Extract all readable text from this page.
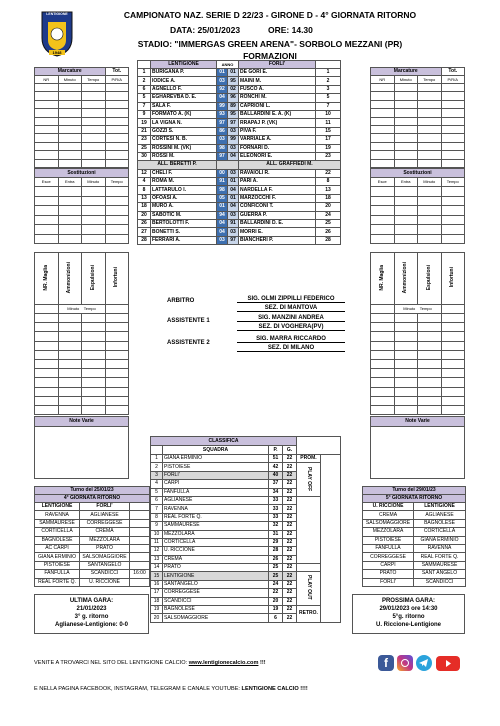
LENTIGIONE
1948
CAMPIONATO NAZ. SERIE D 22/23 - GIRONE D - 4° GIORNATA RITORNO
DATA: 25/01/2023	ORE: 14.30
STADIO: "IMMERGAS GREEN ARENA"- SORBOLO MEZZANI (PR)
FORMAZIONI
	LENTIGIONE	ANNO		FORLI'	
1	BURIGANA P.	01	01	DE GORI E.	1
2	IODICE A.	03	95	MAINI M.	2
6	AGNELLO F.	92	02	FUSCO A.	3
5	EGHAREVBA D. E.	04	96	RONCHI M.	5
7	SALA F.	99	89	CAPRIONI L.	7
9	FORMATO A. (K)	93	95	BALLARDINI E. A. (K)	10
19	LA VIGNA N.	97	97	RRAPAJ P. (VK)	11
21	GOZZI S.	86	03	PIVA F.	15
23	CORTESI N. B.	03	99	VARRIALE A.	17
25	ROSSINI M. (VK)	98	03	FORNARI D.	19
30	ROSSI M.	97	04	ELEONORI E.	23
ALL. BERETTI P.				ALL. GRAFFIEDI M.	
12	CHELI F.	00	03	RAVAIOLI R.	22
4	ROMA M.	91	01	PARI A.	8
8	LATTARULO I.	98	04	NARDELLA F.	13
13	OFOASI A.	05	01	MARZOCCHI F.	18
18	MURO A.	01	04	CONFICONI T.	20
20	SABOTIC M.	94	03	GUERRA P.	24
26	BERTOLOTTI F.	04	91	BALLARDINI D. E.	25
27	BONETTI S.	04	03	MORRI E.	26
28	FERRARI A.	03	97	BIANCHERI P.	28
Marcature			Tot.
NR	Minuto	Tempo	P/R/A

Sostituzioni			
Esce	Entra	Minuto	Tempo

NR. Maglia	Ammonizioni	Espulsioni	Infortuni
	Minuto Tempo		

Note Varie

Marcature			Tot.
NR	Minuto	Tempo	P/R/A

Sostituzioni			
Esce	Entra	Minuto	Tempo

NR. Maglia	Ammonizioni	Espulsioni	Infortuni
	Minuto Tempo		

Note Varie

ARBITRO	SIG. OLMI ZIPPILLI FEDERICO
SEZ. DI MANTOVA
ASSISTENTE 1	SIG. MANZINI ANDREA
SEZ. DI VOGHERA(PV)
ASSISTENTE 2
SIG. MARRA RICCARDO
SEZ. DI MILANO
CLASSIFICA					
	SQUADRA	P.	G.		
1	GIANA ERMINIO	51	22	PROM.	
2	PISTOIESE	42	22	PLAY OFF	
3	FORLI'	40	22		
4	CARPI	37	22		
5	FANFULLA	34	22		
6	AGLIANESE	33	22		
7	RAVENNA	33	22		
8	REAL FORTE Q.	33	22		
9	SAMMAURESE	32	22		
10	MEZZOLARA	31	22		
11	CORTICELLA	29	22		
12	U. RICCIONE	28	22		
13	CREMA	26	22		
14	PRATO	25	22		
15	LENTIGIONE	25	22	PLAY OUT	
16	SANTANGELO	24	22		
17	CORREGGESE	22	22		
18	SCANDICCI	20	22		
19	BAGNOLESE	19	22	RETRO.	
20	SALSOMAGGIORE	6	22		
Turno del 25/01/23		
4° GIORNATA RITORNO		
LENTIGIONE	FORLI'	
RAVENNA	AGLIANESE	
SAMMAURESE	CORREGGESE	
CORTICELLA	CREMA	
BAGNOLESE	MEZZOLARA	
AC CARPI	PRATO	
GIANA ERMINIO	SALSOMAGGIORE	
PISTOIESE	SANTANGELO	
FANFULLA	SCANDICCI	16:00
REAL FORTE Q.	U. RICCIONE	
Turno del 29/01/23	
5° GIORNATA RITORNO	
U. RICCIONE	LENTIGIONE
CREMA	AGLIANESE
SALSOMAGGIORE	BAGNOLESE
MEZZOLARA	CORTICELLA
PISTOIESE	GIANA ERMINIO
FANFULLA	RAVENNA
CORREGGESE	REAL FORTE Q.
CARPI	SAMMAURESE
PRATO	SANT ANGELO
FORLI'	SCANDICCI
ULTIMA GARA:
21/01/2023
3° g. ritorno
Aglianese-Lentigione: 0-0
PROSSIMA GARA:
29/01/2023 ore 14:30
5°g. ritorno
U. Riccione-Lentigione
VENITE A TROVARCI NEL SITO DEL LENTIGIONE CALCIO: www.lentigionecalcio.com !!!	f
E NELLA PAGINA FACEBOOK, INSTAGRAM, TELEGRAM E CANALE YOUTUBE: LENTIGIONE CALCIO !!!!
